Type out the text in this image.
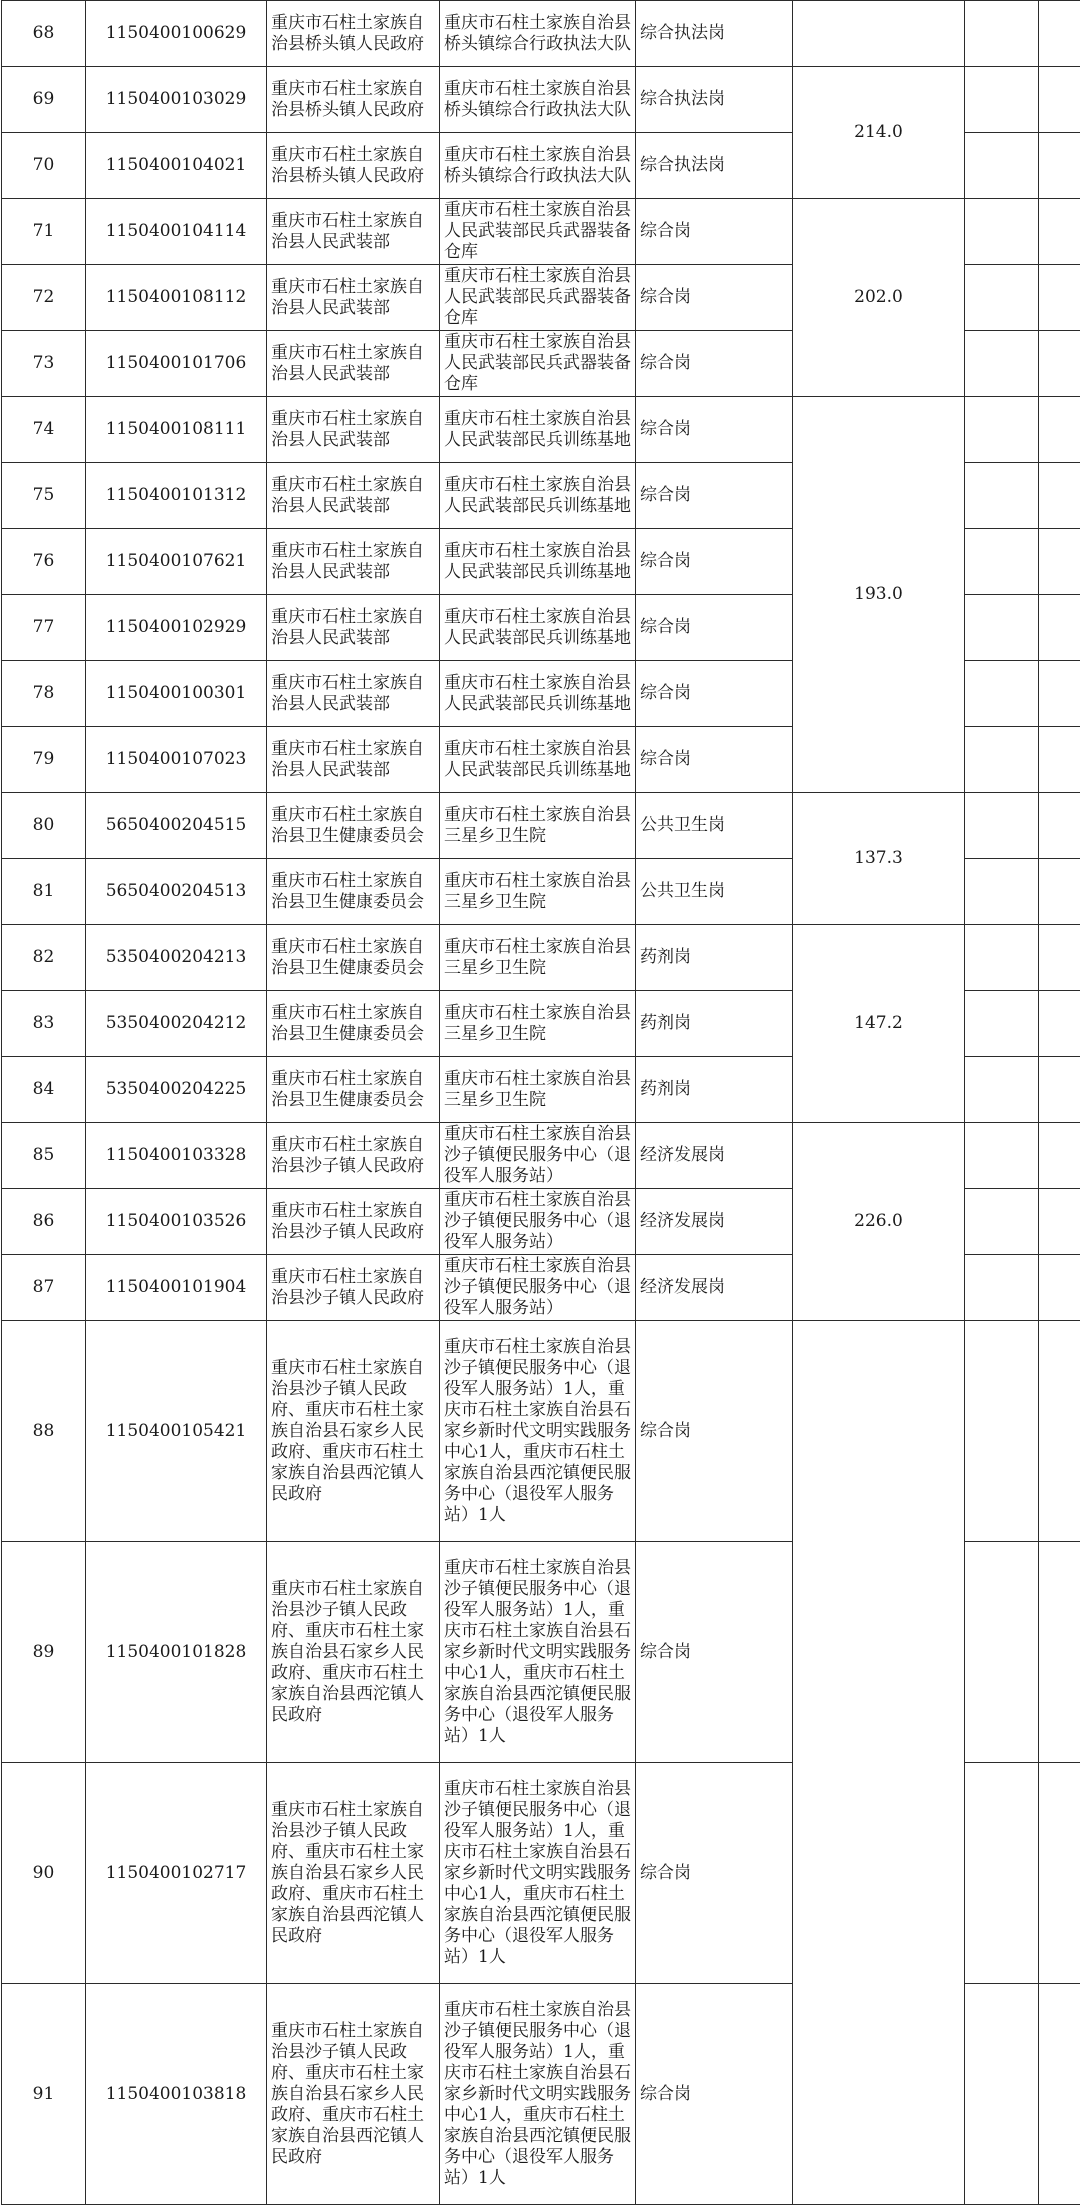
68	1150400100629	重庆市石柱土家族自治县桥头镇人民政府	重庆市石柱土家族自治县桥头镇综合行政执法大队	综合执法岗			
69	1150400103029	重庆市石柱土家族自治县桥头镇人民政府	重庆市石柱土家族自治县桥头镇综合行政执法大队	综合执法岗	214.0		
70	1150400104021	重庆市石柱土家族自治县桥头镇人民政府	重庆市石柱土家族自治县桥头镇综合行政执法大队	综合执法岗			
71	1150400104114	重庆市石柱土家族自治县人民武装部	重庆市石柱土家族自治县人民武装部民兵武器装备仓库	综合岗	202.0		
72	1150400108112	重庆市石柱土家族自治县人民武装部	重庆市石柱土家族自治县人民武装部民兵武器装备仓库	综合岗			
73	1150400101706	重庆市石柱土家族自治县人民武装部	重庆市石柱土家族自治县人民武装部民兵武器装备仓库	综合岗			
74	1150400108111	重庆市石柱土家族自治县人民武装部	重庆市石柱土家族自治县人民武装部民兵训练基地	综合岗	193.0		
75	1150400101312	重庆市石柱土家族自治县人民武装部	重庆市石柱土家族自治县人民武装部民兵训练基地	综合岗			
76	1150400107621	重庆市石柱土家族自治县人民武装部	重庆市石柱土家族自治县人民武装部民兵训练基地	综合岗			
77	1150400102929	重庆市石柱土家族自治县人民武装部	重庆市石柱土家族自治县人民武装部民兵训练基地	综合岗			
78	1150400100301	重庆市石柱土家族自治县人民武装部	重庆市石柱土家族自治县人民武装部民兵训练基地	综合岗			
79	1150400107023	重庆市石柱土家族自治县人民武装部	重庆市石柱土家族自治县人民武装部民兵训练基地	综合岗			
80	5650400204515	重庆市石柱土家族自治县卫生健康委员会	重庆市石柱土家族自治县三星乡卫生院	公共卫生岗	137.3		
81	5650400204513	重庆市石柱土家族自治县卫生健康委员会	重庆市石柱土家族自治县三星乡卫生院	公共卫生岗			
82	5350400204213	重庆市石柱土家族自治县卫生健康委员会	重庆市石柱土家族自治县三星乡卫生院	药剂岗	147.2		
83	5350400204212	重庆市石柱土家族自治县卫生健康委员会	重庆市石柱土家族自治县三星乡卫生院	药剂岗			
84	5350400204225	重庆市石柱土家族自治县卫生健康委员会	重庆市石柱土家族自治县三星乡卫生院	药剂岗			
85	1150400103328	重庆市石柱土家族自治县沙子镇人民政府	重庆市石柱土家族自治县沙子镇便民服务中心（退役军人服务站）	经济发展岗	226.0		
86	1150400103526	重庆市石柱土家族自治县沙子镇人民政府	重庆市石柱土家族自治县沙子镇便民服务中心（退役军人服务站）	经济发展岗			
87	1150400101904	重庆市石柱土家族自治县沙子镇人民政府	重庆市石柱土家族自治县沙子镇便民服务中心（退役军人服务站）	经济发展岗			
88	1150400105421	重庆市石柱土家族自治县沙子镇人民政府、重庆市石柱土家族自治县石家乡人民政府、重庆市石柱土家族自治县西沱镇人民政府	重庆市石柱土家族自治县沙子镇便民服务中心（退役军人服务站）1人，重庆市石柱土家族自治县石家乡新时代文明实践服务中心1人，重庆市石柱土家族自治县西沱镇便民服务中心（退役军人服务站）1人	综合岗			
89	1150400101828	重庆市石柱土家族自治县沙子镇人民政府、重庆市石柱土家族自治县石家乡人民政府、重庆市石柱土家族自治县西沱镇人民政府	重庆市石柱土家族自治县沙子镇便民服务中心（退役军人服务站）1人，重庆市石柱土家族自治县石家乡新时代文明实践服务中心1人，重庆市石柱土家族自治县西沱镇便民服务中心（退役军人服务站）1人	综合岗			
90	1150400102717	重庆市石柱土家族自治县沙子镇人民政府、重庆市石柱土家族自治县石家乡人民政府、重庆市石柱土家族自治县西沱镇人民政府	重庆市石柱土家族自治县沙子镇便民服务中心（退役军人服务站）1人，重庆市石柱土家族自治县石家乡新时代文明实践服务中心1人，重庆市石柱土家族自治县西沱镇便民服务中心（退役军人服务站）1人	综合岗			
91	1150400103818	重庆市石柱土家族自治县沙子镇人民政府、重庆市石柱土家族自治县石家乡人民政府、重庆市石柱土家族自治县西沱镇人民政府	重庆市石柱土家族自治县沙子镇便民服务中心（退役军人服务站）1人，重庆市石柱土家族自治县石家乡新时代文明实践服务中心1人，重庆市石柱土家族自治县西沱镇便民服务中心（退役军人服务站）1人	综合岗			
